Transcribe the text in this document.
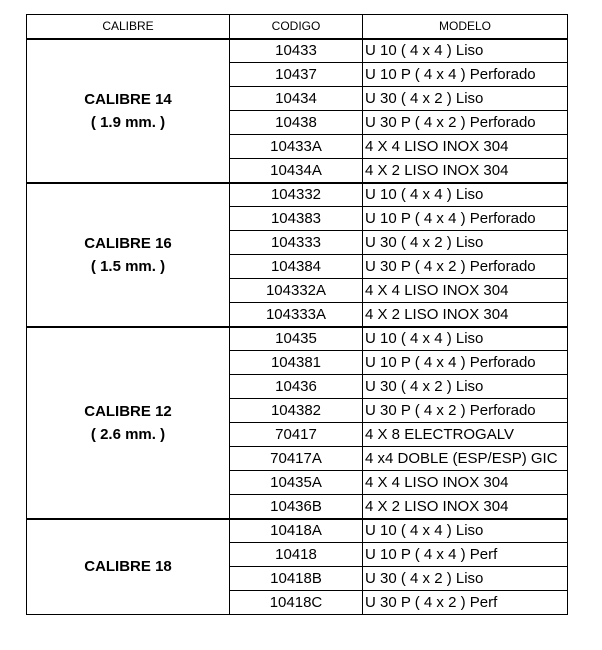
CALIBRE	CODIGO	MODELO

CALIBRE 14
( 1.9 mm. )	10433	U 10 ( 4 x 4 ) Liso
	10437	U 10 P ( 4 x 4 ) Perforado
	10434	U 30 ( 4 x 2 ) Liso
	10438	U 30 P ( 4 x 2 ) Perforado
	10433A	4 X 4 LISO INOX 304
	10434A	4 X 2 LISO INOX 304

CALIBRE 16
( 1.5 mm. )	104332	U 10 ( 4 x 4 ) Liso
	104383	U 10 P ( 4 x 4 ) Perforado
	104333	U 30 ( 4 x 2 ) Liso
	104384	U 30 P ( 4 x 2 ) Perforado
	104332A	4 X 4 LISO INOX 304
	104333A	4 X 2 LISO INOX 304

CALIBRE 12
( 2.6 mm. )	10435	U 10 ( 4 x 4 ) Liso
	104381	U 10 P ( 4 x 4 ) Perforado
	10436	U 30 ( 4 x 2 ) Liso
	104382	U 30 P ( 4 x 2 ) Perforado
	70417	4 X 8 ELECTROGALV
	70417A	4 x4 DOBLE (ESP/ESP) GIC
	10435A	4 X 4 LISO INOX 304
	10436B	4 X 2 LISO INOX 304

CALIBRE 18	10418A	U 10 ( 4 x 4 ) Liso
	10418	U 10 P ( 4 x 4 ) Perf
	10418B	U 30 ( 4 x 2 ) Liso
	10418C	U 30 P ( 4 x 2 ) Perf
